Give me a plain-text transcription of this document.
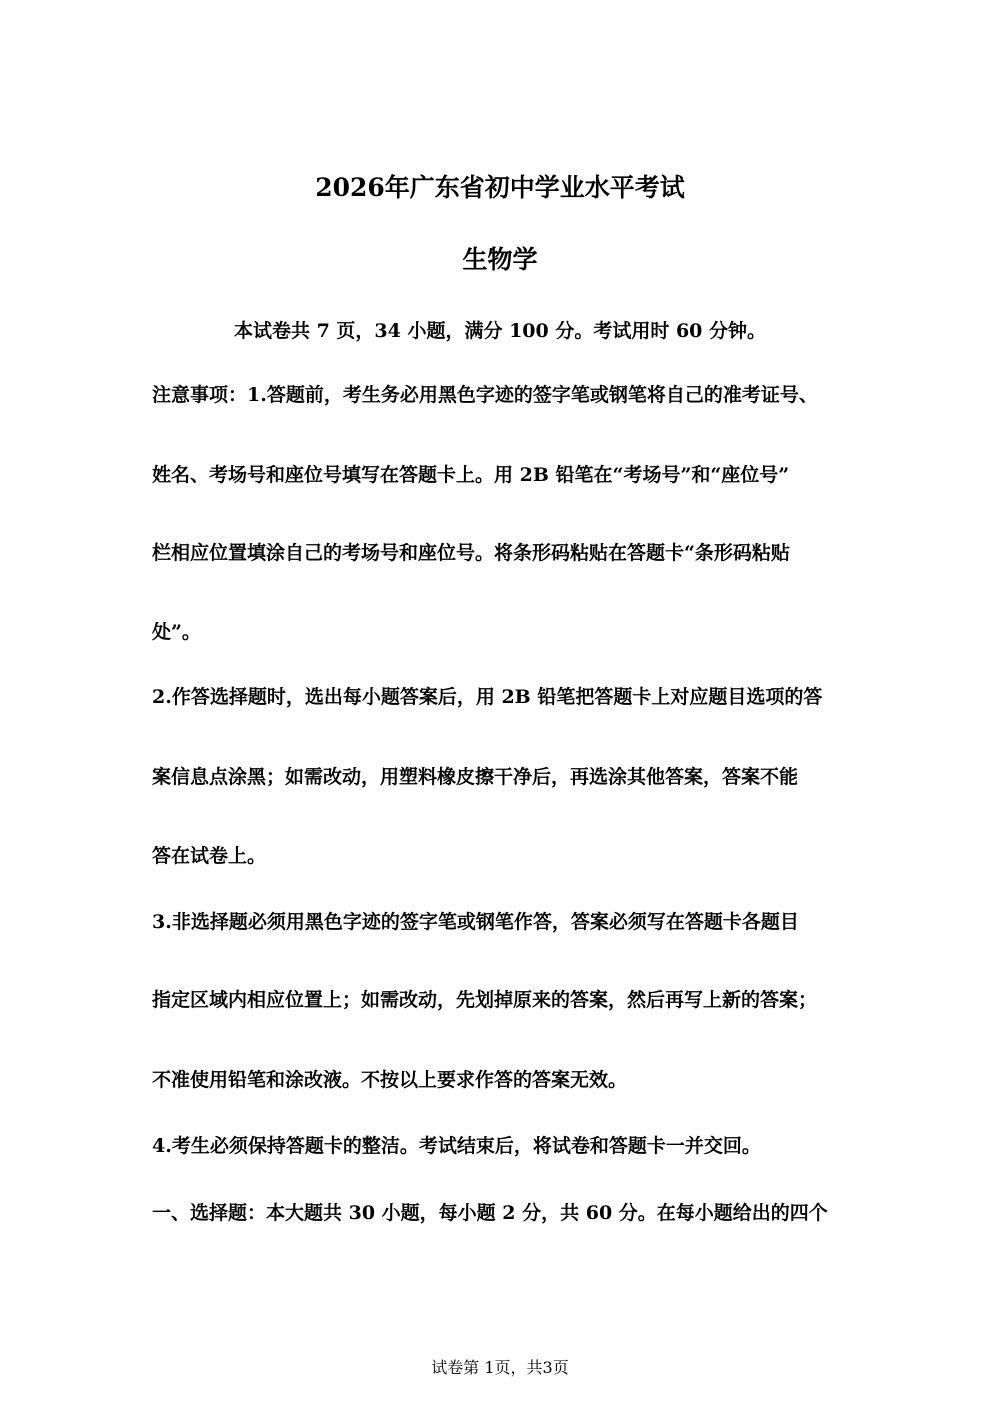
2026年广东省初中学业水平考试
生物学
本试卷共 7 页，34 小题，满分 100 分。考试用时 60 分钟。
注意事项：1.答题前，考生务必用黑色字迹的签字笔或钢笔将自己的准考证号、
姓名、考场号和座位号填写在答题卡上。用 2B 铅笔在“考场号”和“座位号”
栏相应位置填涂自己的考场号和座位号。将条形码粘贴在答题卡“条形码粘贴
处”。
2.作答选择题时，选出每小题答案后，用 2B 铅笔把答题卡上对应题目选项的答
案信息点涂黑；如需改动，用塑料橡皮擦干净后，再选涂其他答案，答案不能
答在试卷上。
3.非选择题必须用黑色字迹的签字笔或钢笔作答，答案必须写在答题卡各题目
指定区域内相应位置上；如需改动，先划掉原来的答案，然后再写上新的答案；
不准使用铅笔和涂改液。不按以上要求作答的答案无效。
4.考生必须保持答题卡的整洁。考试结束后，将试卷和答题卡一并交回。
一、选择题：本大题共 30 小题，每小题 2 分，共 60 分。在每小题给出的四个
试卷第 1页，共3页
